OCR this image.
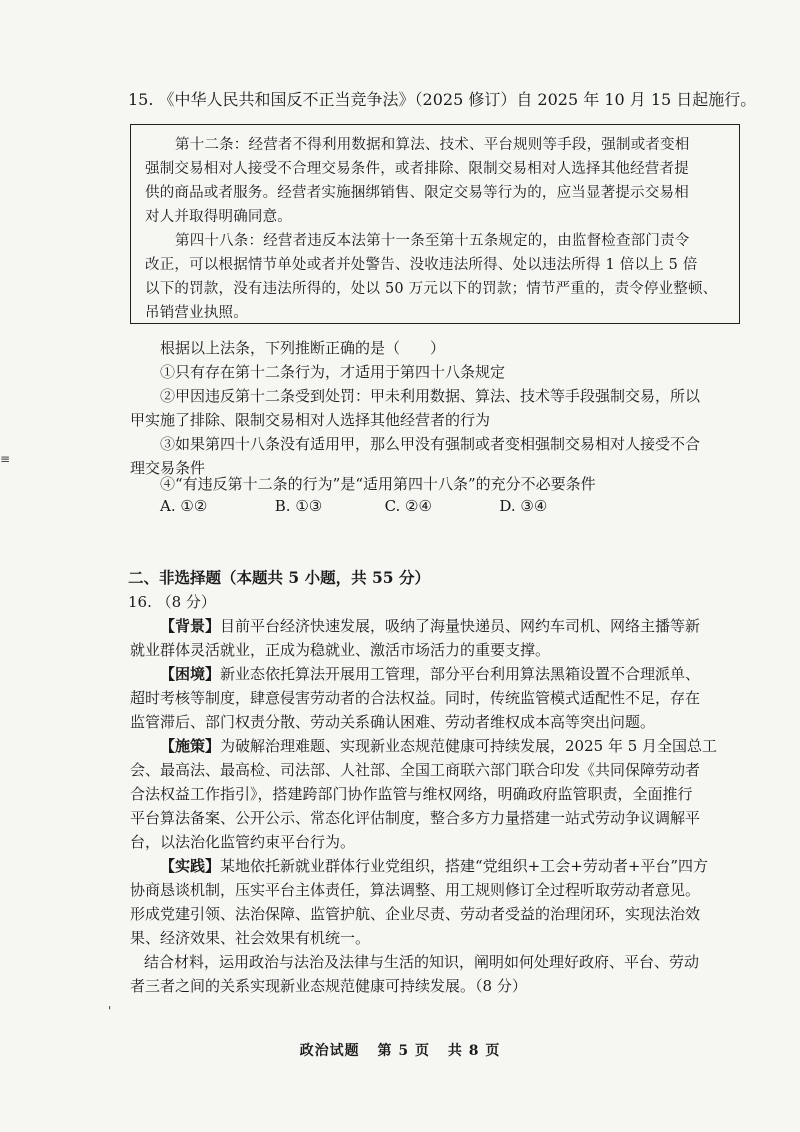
15. 《中华人民共和国反不正当竞争法》（2025 修订）自 2025 年 10 月 15 日起施行。
第十二条：经营者不得利用数据和算法、技术、平台规则等手段，强制或者变相
强制交易相对人接受不合理交易条件，或者排除、限制交易相对人选择其他经营者提
供的商品或者服务。经营者实施捆绑销售、限定交易等行为的，应当显著提示交易相
对人并取得明确同意。
第四十八条：经营者违反本法第十一条至第十五条规定的，由监督检查部门责令
改正，可以根据情节单处或者并处警告、没收违法所得、处以违法所得 1 倍以上 5 倍
以下的罚款，没有违法所得的，处以 50 万元以下的罚款；情节严重的，责令停业整顿、
吊销营业执照。
根据以上法条，下列推断正确的是（　　）
①只有存在第十二条行为，才适用于第四十八条规定
②甲因违反第十二条受到处罚：甲未利用数据、算法、技术等手段强制交易，所以
甲实施了排除、限制交易相对人选择其他经营者的行为
③如果第四十八条没有适用甲，那么甲没有强制或者变相强制交易相对人接受不合
理交易条件
④“有违反第十二条的行为”是“适用第四十八条”的充分不必要条件
A. ①②	B. ①③	C. ②④	D. ③④
二、非选择题（本题共 5 小题，共 55 分）
16. （8 分）
【背景】目前平台经济快速发展，吸纳了海量快递员、网约车司机、网络主播等新
就业群体灵活就业，正成为稳就业、激活市场活力的重要支撑。
【困境】新业态依托算法开展用工管理，部分平台利用算法黑箱设置不合理派单、
超时考核等制度，肆意侵害劳动者的合法权益。同时，传统监管模式适配性不足，存在
监管滞后、部门权责分散、劳动关系确认困难、劳动者维权成本高等突出问题。
【施策】为破解治理难题、实现新业态规范健康可持续发展，2025 年 5 月全国总工
会、最高法、最高检、司法部、人社部、全国工商联六部门联合印发《共同保障劳动者
合法权益工作指引》，搭建跨部门协作监管与维权网络，明确政府监管职责，全面推行
平台算法备案、公开公示、常态化评估制度，整合多方力量搭建一站式劳动争议调解平
台，以法治化监管约束平台行为。
【实践】某地依托新就业群体行业党组织，搭建“党组织+工会+劳动者+平台”四方
协商恳谈机制，压实平台主体责任，算法调整、用工规则修订全过程听取劳动者意见。
形成党建引领、法治保障、监管护航、企业尽责、劳动者受益的治理闭环，实现法治效
果、经济效果、社会效果有机统一。
结合材料，运用政治与法治及法律与生活的知识，阐明如何处理好政府、平台、劳动
者三者之间的关系实现新业态规范健康可持续发展。（8 分）
政治试题 第 5 页 共 8 页
≡
'
